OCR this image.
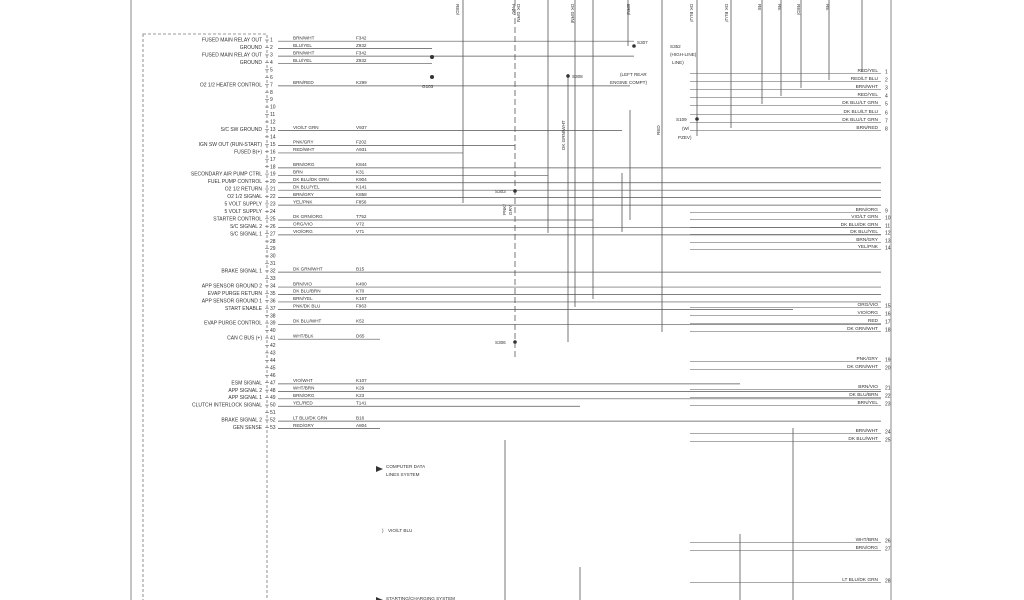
FUSED MAIN RELAY OUT 1	BRN/WHT	F342
GROUND 2	BLU/YEL	Z932
FUSED MAIN RELAY OUT 3	BRN/WHT	F342
GROUND 4	BLU/YEL	Z932
5
6
O2 1/2 HEATER CONTROL 7	BRN/RED	K299
8
9
10
11
12
S/C SW GROUND 13	VIO/LT GRN	V937
14
IGN SW OUT (RUN-START) 15	PNK/GRY	F202
FUSED B(+) 16	RED/WHT	A931
17
18	BRN/ORG	K844
SECONDARY AIR PUMP CTRL 19	BRN	K31
FUEL PUMP CONTROL 20	DK BLU/DK GRN	K904
O2 1/2 RETURN 21	DK BLU/YEL	K141
O2 1/2 SIGNAL 22	BRN/GRY	K858
5 VOLT SUPPLY 23	YEL/PNK	F856
5 VOLT SUPPLY 24
STARTER CONTROL 25	DK GRN/ORG	T752
S/C SIGNAL 2 26	ORG/VIO	V72
S/C SIGNAL 1 27	VIO/ORG	V71
28
29
30
31
BRAKE SIGNAL 1 32	DK GRN/WHT	B15
33
APP SENSOR GROUND 2 34	BRN/VIO	K400
EVAP PURGE RETURN 35	DK BLU/BRN	K70
APP SENSOR GROUND 1 36	BRN/YEL	K167
START ENABLE 37	PNK/DK BLU	F963
38
EVAP PURGE CONTROL 39	DK BLU/WHT	K52
40
CAN C BUS (+) 41	WHT/BLK	D65
42
43
44
45
46
ESM SIGNAL 47	VIO/WHT	K107
APP SIGNAL 2 48	WHT/BRN	K29
APP SIGNAL 1 49	BRN/ORG	K23
CLUTCH INTERLOCK SIGNAL 50	YEL/RED	T141
51
BRAKE SIGNAL 2 52	LT BLU/DK GRN	B16
GEN SENSE 53	RED/GRY	A804
RED/YEL 1
RED/LT BLU 2
BRN/WHT 3
RED/YEL 4
DK BLU/LT GRN 5
DK BLU/LT BLU 6
DK BLU/LT GRN 7
BRN/RED 8
BRN/ORG 9
VIO/LT GRN 10
DK BLU/DK GRN 11
DK BLU/YEL 12
BRN/GRY 13
YEL/PNK 14
ORG/VIO 15
VIO/ORG 16
RED 17
DK GRN/WHT 18
PNK/GRY 19
DK GRN/WHT 20
BRN/VIO 21
DK BLU/BRN 22
BRN/YEL 23
BRN/WHT 24
DK BLU/WHT 25
WHT/BRN 26
BRN/ORG 27
LT BLU/DK GRN 28
RED/	PNK/ DK GRN	DK GRN/	BRN/	DK BLU/	DK BLU/	RE	RE	RED/	RE
S307
S352
(HIGH-LINE)
LINE)
G103
(LEFT REAR
ENGINE COMPT)
S308
S303
S306
S109
(W/
PZEV)
DK GRN/WHT
PNK/ GRY
RED
COMPUTER DATA
LINES SYSTEM
) VIO/LT BLU
STARTING/CHARGING SYSTEM
